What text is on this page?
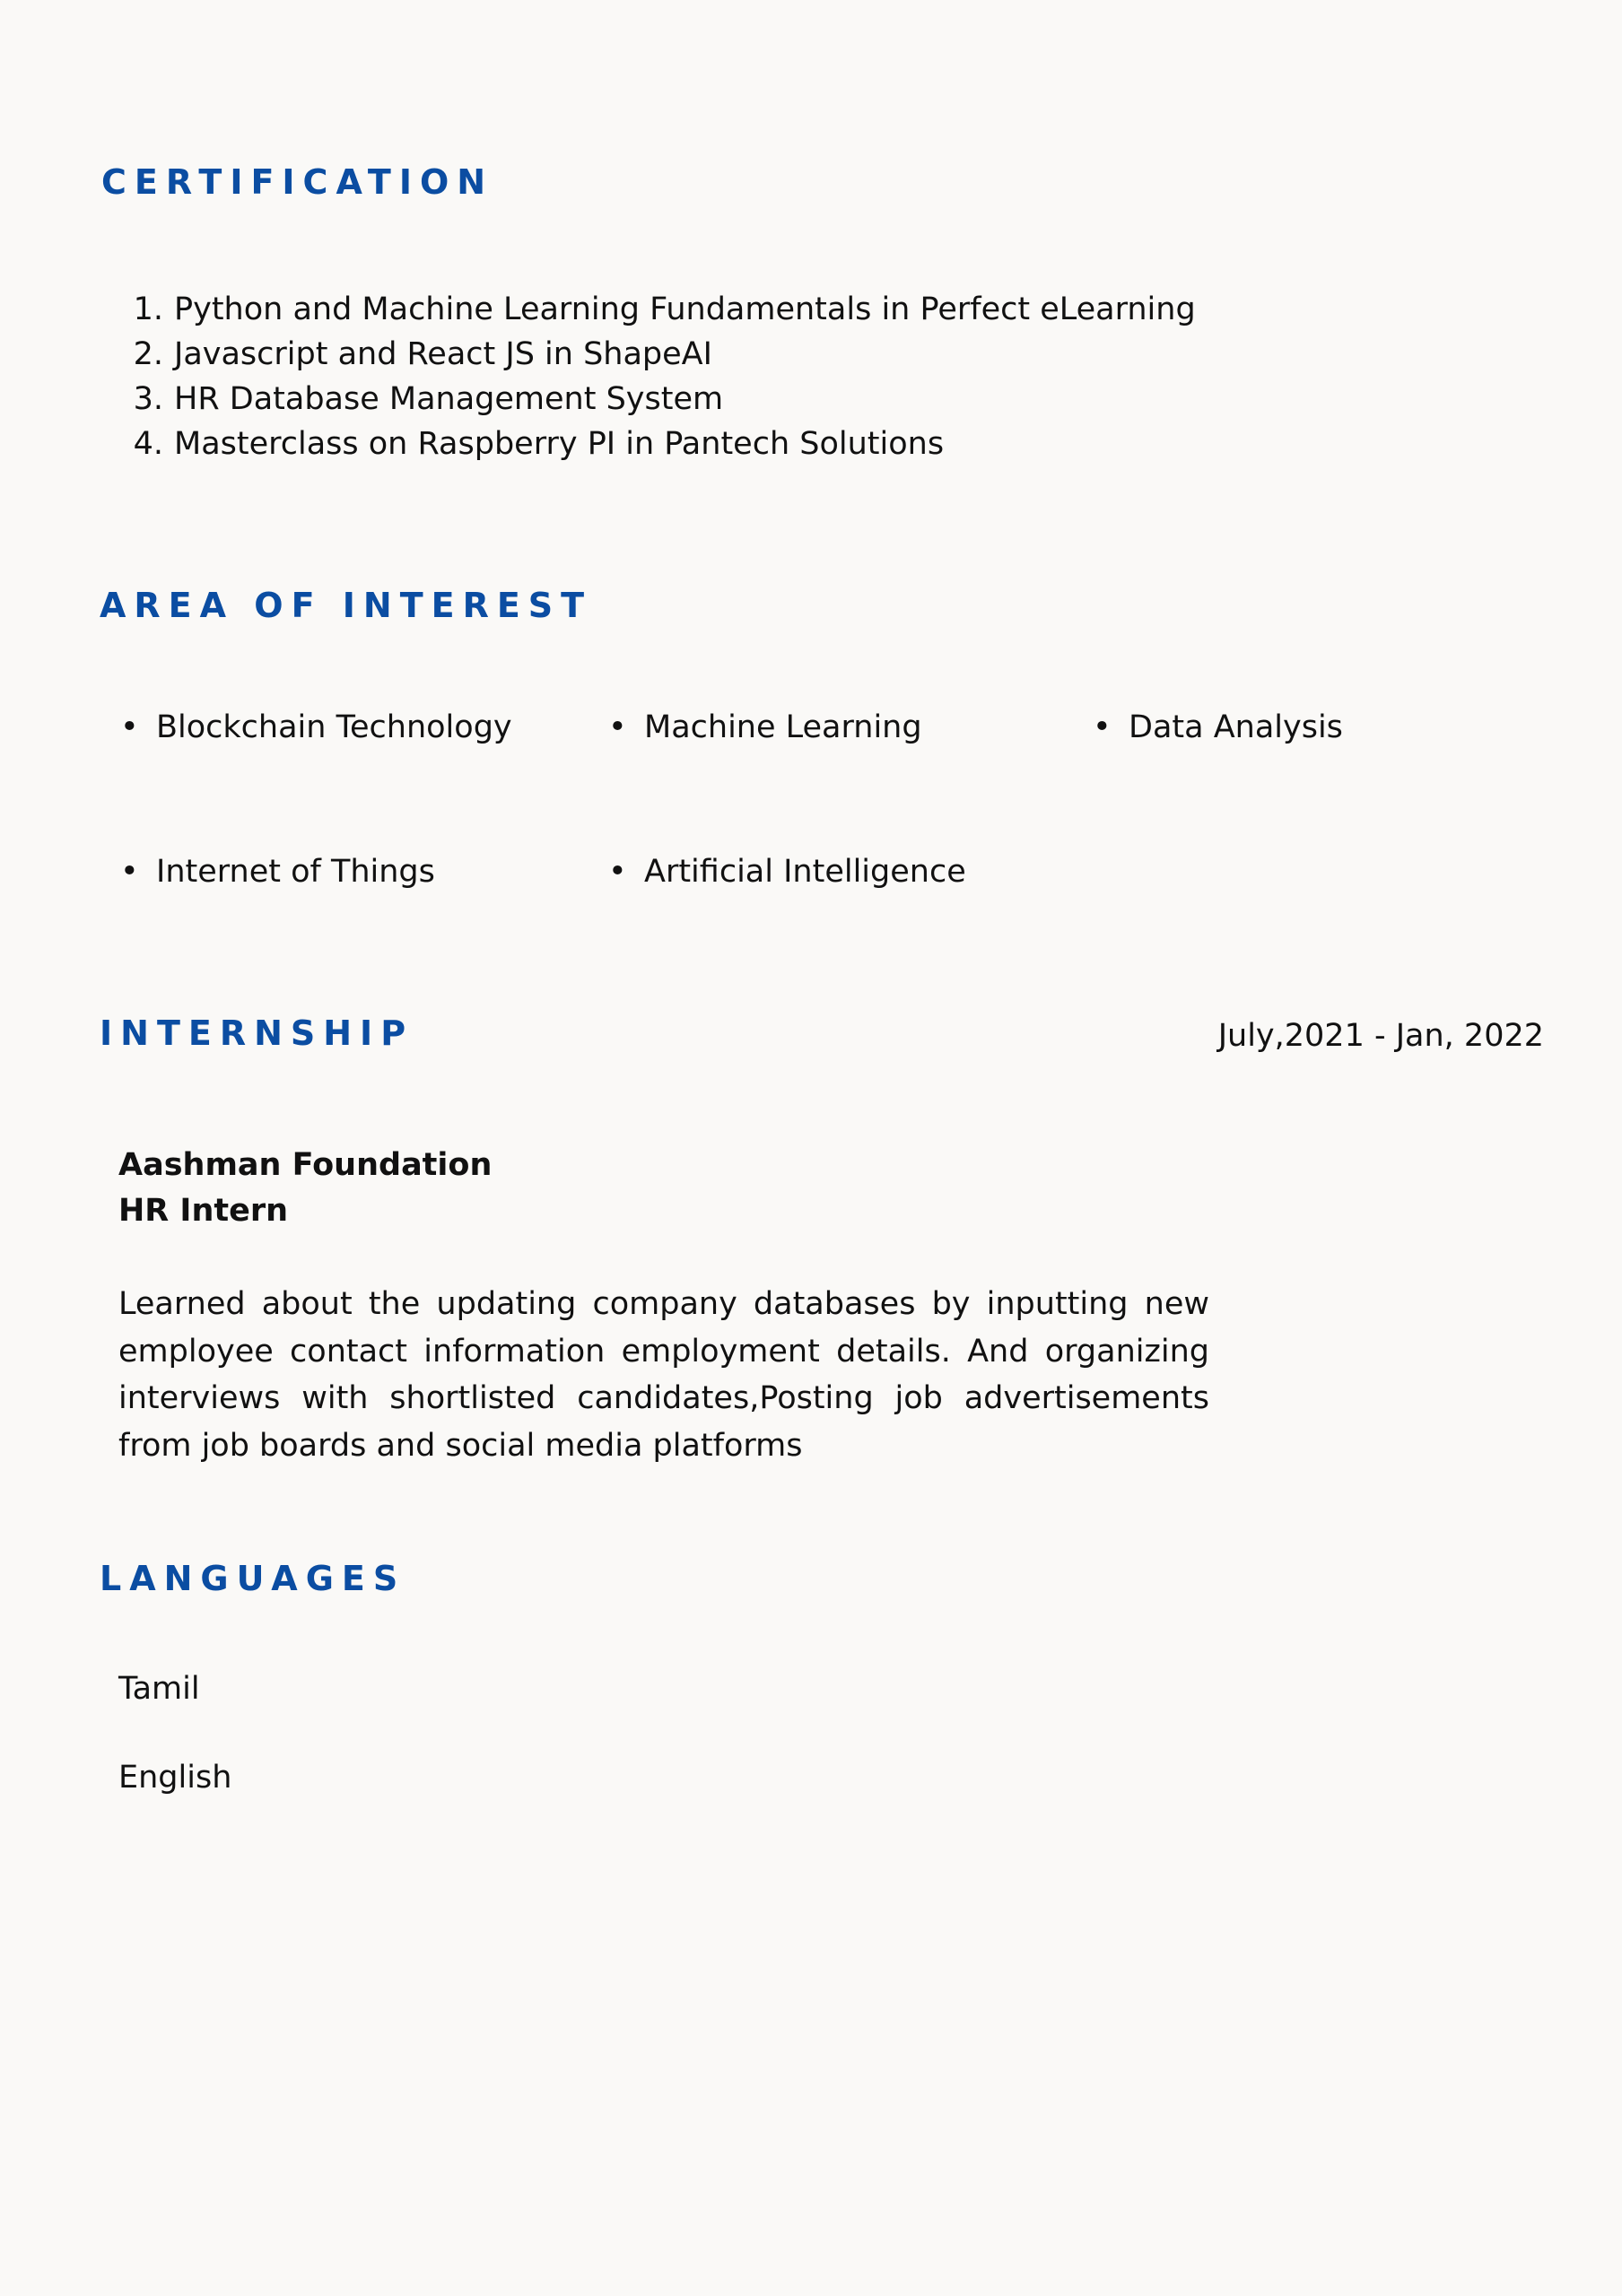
CERTIFICATION
1. Python and Machine Learning Fundamentals in Perfect eLearning
2. Javascript and React JS in ShapeAI
3. HR Database Management System
4. Masterclass on Raspberry PI in Pantech Solutions
AREA OF INTEREST
• Blockchain Technology	• Machine Learning	• Data Analysis
• Internet of Things	• Artificial Intelligence
INTERNSHIP	July,2021 - Jan, 2022

Aashman Foundation

HR Intern

Learned about the updating company databases by inputting new employee contact information employment details. And organizing interviews with shortlisted candidates,Posting job advertisements from job boards and social media platforms

LANGUAGES

Tamil

English
